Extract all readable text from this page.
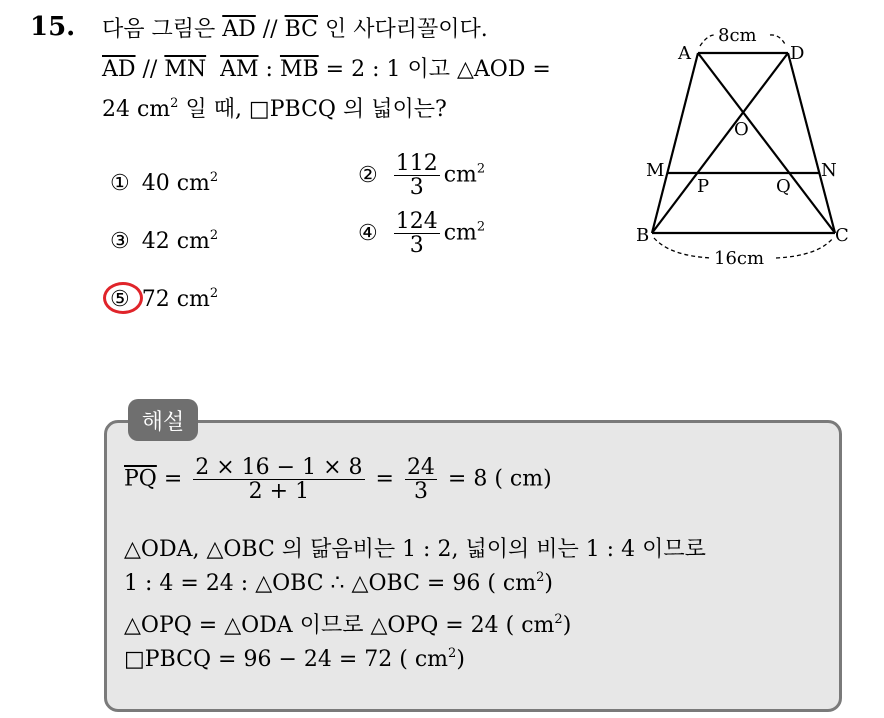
15. 다음 그림은 $\overline{AD} // \overline{BC}$ 인 사다리꼴이다.
$\overline{AD} // \overline{MN}$ $\overline{AM}$ : $\overline{MB} = 2$ : 1 이고 △AOD =
24 $cm^2$ 일 때, □PBCQ 의 넓이는?
① 40 $cm^2$	② $\frac{112}{3} cm^2$
③ 42 $cm^2$	④ $\frac{124}{3} cm^2$
⑤ 72 $cm^2$
8cm
16cm
A	D
O
M	N
P	Q
B	C
해설
$\overline{PQ} = \frac{2 \times 16 - 1 \times 8}{2 + 1} = \frac{24}{3} = 8$ ( cm)
△ODA, △OBC 의 닮음비는 1 : 2, 넓이의 비는 1 : 4 이므로
1 : 4 = 24 : △OBC ∴ △OBC = 96 ( $cm^2$)
△OPQ = △ODA 이므로 △OPQ = 24 ( $cm^2$)
□PBCQ = 96 − 24 = 72 ( $cm^2$)
